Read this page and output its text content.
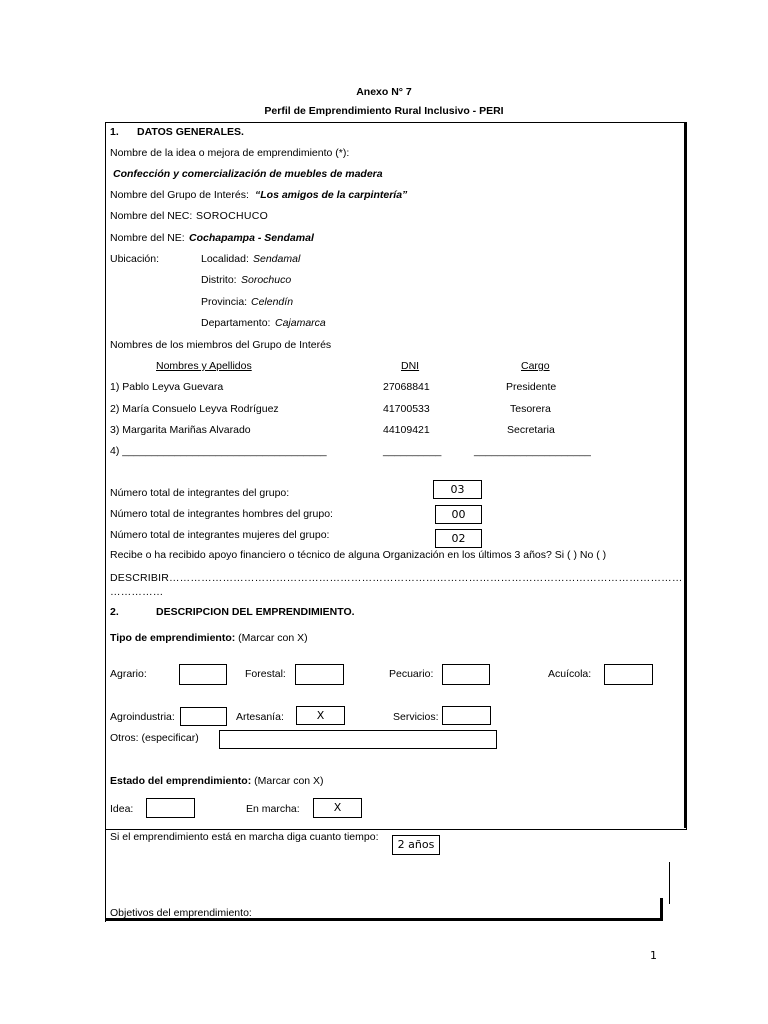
Anexo N° 7
Perfil de Emprendimiento Rural Inclusivo - PERI
1. DATOS GENERALES.
Nombre de la idea o mejora de emprendimiento (*):
Confección y comercialización de muebles de madera
Nombre del Grupo de Interés: “Los amigos de la carpintería”
Nombre del NEC: SOROCHUCO
Nombre del NE: Cochapampa - Sendamal
Ubicación:	Localidad: Sendamal
Distrito: Sorochuco
Provincia: Celendín
Departamento: Cajamarca
Nombres de los miembros del Grupo de Interés
Nombres y Apellidos	DNI	Cargo
1) Pablo Leyva Guevara	27068841	Presidente
2) María Consuelo Leyva Rodríguez	41700533	Tesorera
3) Margarita Mariñas Alvarado	44109421	Secretaria
4) ___________________________________	__________	____________________
Número total de integrantes del grupo:	03
Número total de integrantes hombres del grupo:	00
Número total de integrantes mujeres del grupo:	02
Recibe o ha recibido apoyo financiero o técnico de alguna Organización en los últimos 3 años? Si ( ) No ( )
DESCRIBIR………………………………………………………………………………………………………………………………
……………
2.	DESCRIPCION DEL EMPRENDIMIENTO.
Tipo de emprendimiento: (Marcar con X)
Agrario:	Forestal:	Pecuario:	Acuícola:
Agroindustria:	Artesanía:	X	Servicios:
Otros: (especificar)
Estado del emprendimiento: (Marcar con X)
Idea:	En marcha:	X
Si el emprendimiento está en marcha diga cuanto tiempo:
2 años
Objetivos del emprendimiento:
1
